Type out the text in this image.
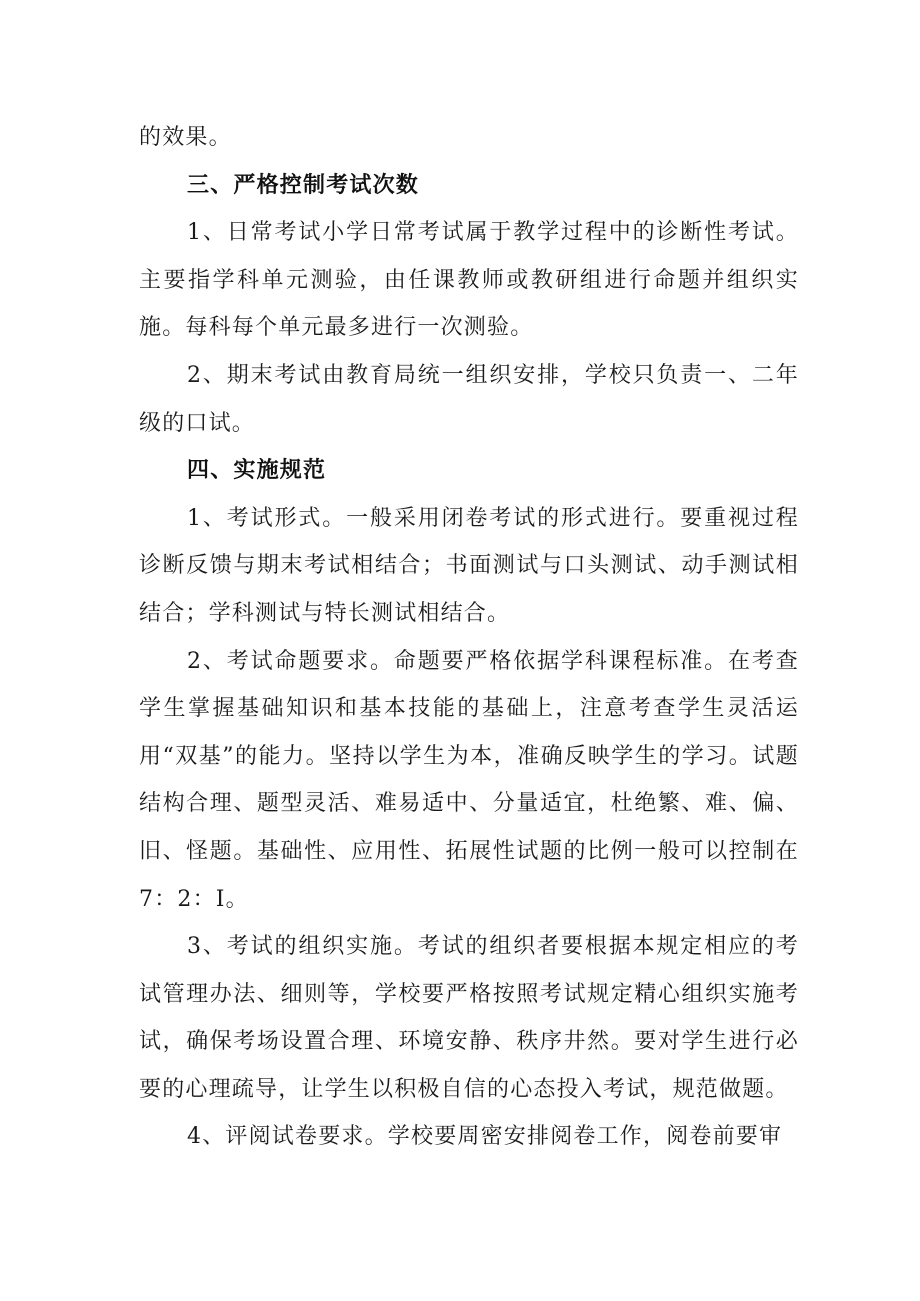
的效果。

三、严格控制考试次数

1、日常考试小学日常考试属于教学过程中的诊断性考试。主要指学科单元测验，由任课教师或教研组进行命题并组织实施。每科每个单元最多进行一次测验。

2、期末考试由教育局统一组织安排，学校只负责一、二年级的口试。

四、实施规范

1、考试形式。一般采用闭卷考试的形式进行。要重视过程诊断反馈与期末考试相结合；书面测试与口头测试、动手测试相结合；学科测试与特长测试相结合。

2、考试命题要求。命题要严格依据学科课程标准。在考查学生掌握基础知识和基本技能的基础上，注意考查学生灵活运用“双基”的能力。坚持以学生为本，准确反映学生的学习。试题结构合理、题型灵活、难易适中、分量适宜，杜绝繁、难、偏、旧、怪题。基础性、应用性、拓展性试题的比例一般可以控制在7：2：I。

3、考试的组织实施。考试的组织者要根据本规定相应的考试管理办法、细则等，学校要严格按照考试规定精心组织实施考试，确保考场设置合理、环境安静、秩序井然。要对学生进行必要的心理疏导，让学生以积极自信的心态投入考试，规范做题。

4、评阅试卷要求。学校要周密安排阅卷工作，阅卷前要审
